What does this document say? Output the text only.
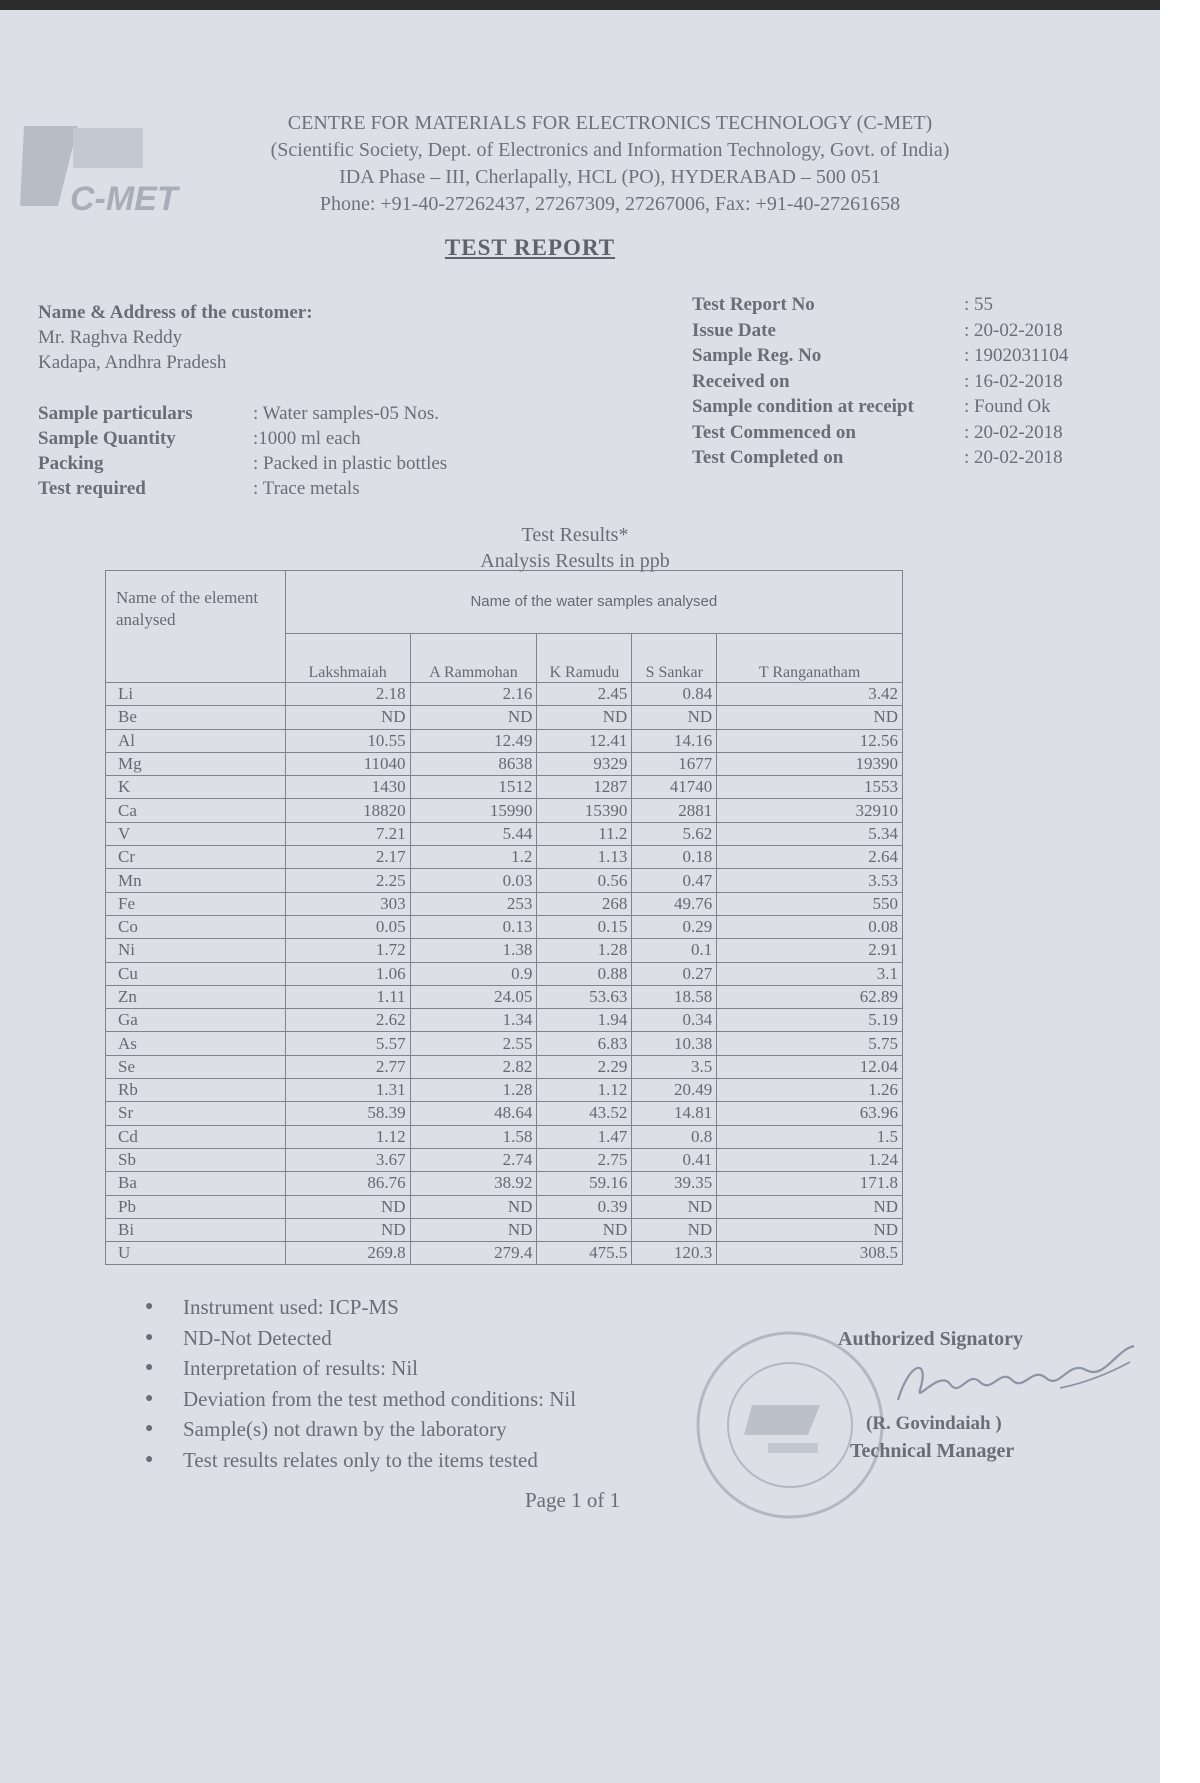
C-MET
CENTRE FOR MATERIALS FOR ELECTRONICS TECHNOLOGY (C-MET)
(Scientific Society, Dept. of Electronics and Information Technology, Govt. of India)
IDA Phase – III, Cherlapally, HCL (PO), HYDERABAD – 500 051
Phone: +91-40-27262437, 27267309, 27267006, Fax: +91-40-27261658
TEST REPORT
Name & Address of the customer:
Mr. Raghva Reddy
Kadapa, Andhra Pradesh
Sample particulars	: Water samples-05 Nos.
Sample Quantity	:1000 ml each
Packing	: Packed in plastic bottles
Test required	: Trace metals
Test Report No	: 55
Issue Date	: 20-02-2018
Sample Reg. No	: 1902031104
Received on	: 16-02-2018
Sample condition at receipt	: Found Ok
Test Commenced on	: 20-02-2018
Test Completed on	: 20-02-2018
Test Results*
Analysis Results in ppb
Name of the element analysed	Name of the water samples analysed				
	Lakshmaiah	A Rammohan	K Ramudu	S Sankar	T Ranganatham
Li	2.18	2.16	2.45	0.84	3.42
Be	ND	ND	ND	ND	ND
Al	10.55	12.49	12.41	14.16	12.56
Mg	11040	8638	9329	1677	19390
K	1430	1512	1287	41740	1553
Ca	18820	15990	15390	2881	32910
V	7.21	5.44	11.2	5.62	5.34
Cr	2.17	1.2	1.13	0.18	2.64
Mn	2.25	0.03	0.56	0.47	3.53
Fe	303	253	268	49.76	550
Co	0.05	0.13	0.15	0.29	0.08
Ni	1.72	1.38	1.28	0.1	2.91
Cu	1.06	0.9	0.88	0.27	3.1
Zn	1.11	24.05	53.63	18.58	62.89
Ga	2.62	1.34	1.94	0.34	5.19
As	5.57	2.55	6.83	10.38	5.75
Se	2.77	2.82	2.29	3.5	12.04
Rb	1.31	1.28	1.12	20.49	1.26
Sr	58.39	48.64	43.52	14.81	63.96
Cd	1.12	1.58	1.47	0.8	1.5
Sb	3.67	2.74	2.75	0.41	1.24
Ba	86.76	38.92	59.16	39.35	171.8
Pb	ND	ND	0.39	ND	ND
Bi	ND	ND	ND	ND	ND
U	269.8	279.4	475.5	120.3	308.5
●	Instrument used: ICP-MS
●	ND-Not Detected
●	Interpretation of results: Nil
●	Deviation from the test method conditions: Nil
●	Sample(s) not drawn by the laboratory
●	Test results relates only to the items tested
Page 1 of 1
Authorized Signatory
(R. Govindaiah )
Technical Manager
